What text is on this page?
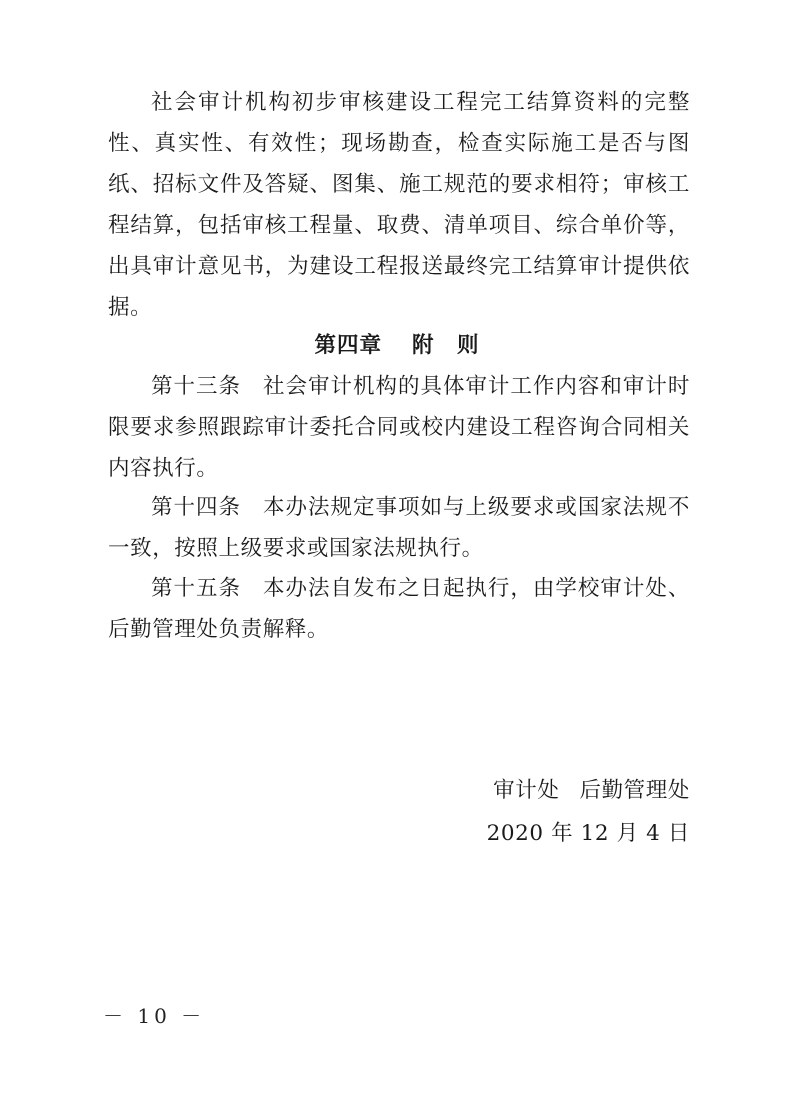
社会审计机构初步审核建设工程完工结算资料的完整性、真实性、有效性；现场勘查，检查实际施工是否与图纸、招标文件及答疑、图集、施工规范的要求相符；审核工程结算，包括审核工程量、取费、清单项目、综合单价等，出具审计意见书，为建设工程报送最终完工结算审计提供依据。

第四章 附　则

第十三条 社会审计机构的具体审计工作内容和审计时限要求参照跟踪审计委托合同或校内建设工程咨询合同相关内容执行。

第十四条 本办法规定事项如与上级要求或国家法规不一致，按照上级要求或国家法规执行。

第十五条 本办法自发布之日起执行，由学校审计处、后勤管理处负责解释。

审计处 后勤管理处
2020 年 12 月 4 日
－ 10 －
